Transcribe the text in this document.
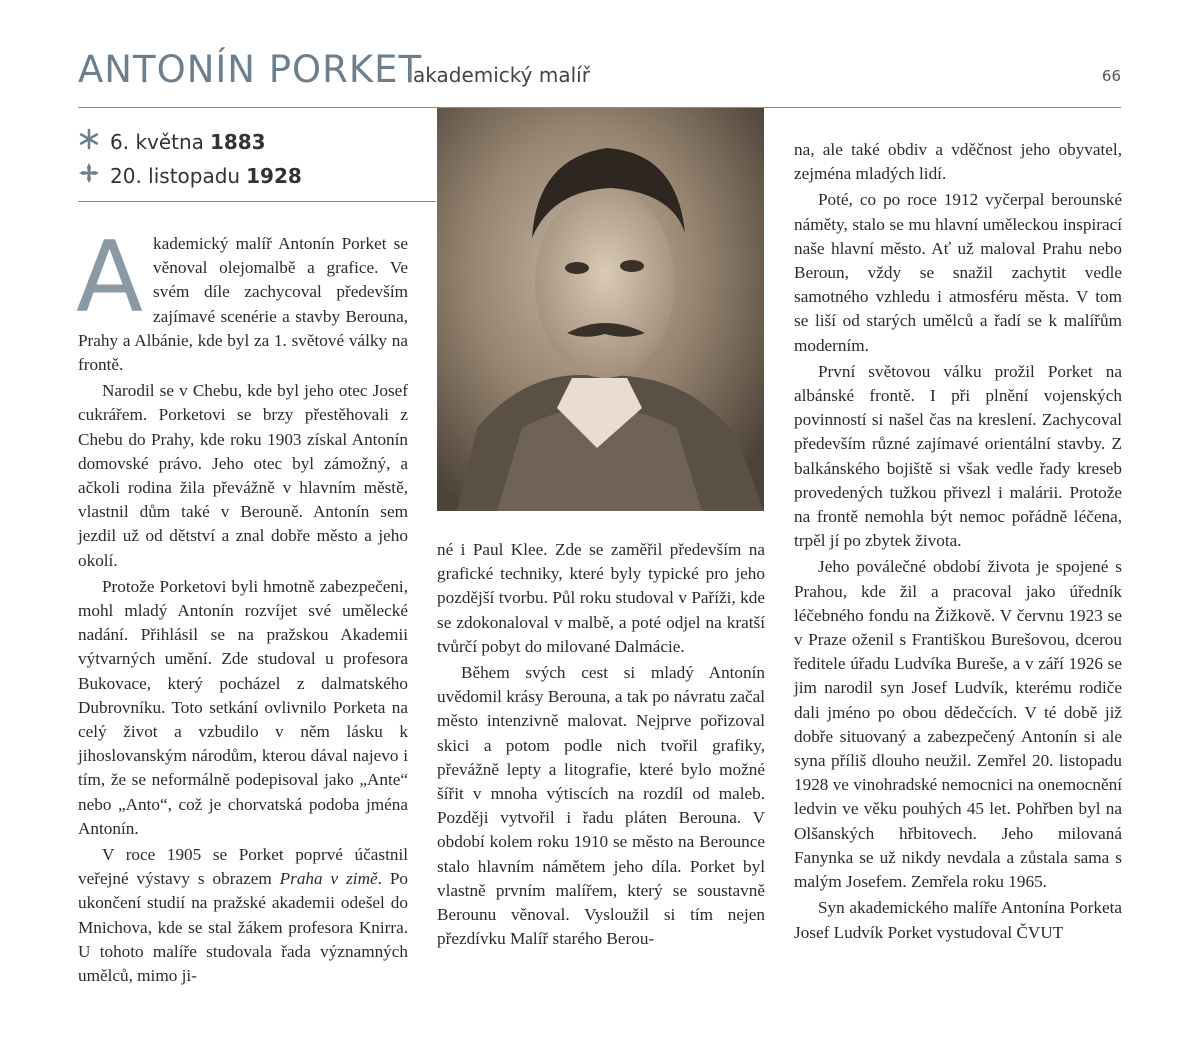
ANTONÍN PORKET
akademický malíř	66
6. května 1883
20. listopadu 1928

Akademický malíř Antonín Porket se věnoval olejomalbě a grafice. Ve svém díle zachycoval především zajímavé scenérie a stavby Berouna, Prahy a Albánie, kde byl za 1. světové války na frontě.

Narodil se v Chebu, kde byl jeho otec Josef cukrářem. Porketovi se brzy přestěhovali z Chebu do Prahy, kde roku 1903 získal Antonín domovské právo. Jeho otec byl zámožný, a ačkoli rodina žila převážně v hlavním městě, vlastnil dům také v Berouně. Antonín sem jezdil už od dětství a znal dobře město a jeho okolí.

Protože Porketovi byli hmotně zabezpečeni, mohl mladý Antonín rozvíjet své umělecké nadání. Přihlásil se na pražskou Akademii výtvarných umění. Zde studoval u profesora Bukovace, který pocházel z dalmatského Dubrovníku. Toto setkání ovlivnilo Porketa na celý život a vzbudilo v něm lásku k jihoslovanským národům, kterou dával najevo i tím, že se neformálně podepisoval jako „Ante“ nebo „Anto“, což je chorvatská podoba jména Antonín.

V roce 1905 se Porket poprvé účastnil veřejné výstavy s obrazem Praha v zimě. Po ukončení studií na pražské akademii odešel do Mnichova, kde se stal žákem profesora Knirra. U tohoto malíře studovala řada významných umělců, mimo ji-

né i Paul Klee. Zde se zaměřil především na grafické techniky, které byly typické pro jeho pozdější tvorbu. Půl roku studoval v Paříži, kde se zdokonaloval v malbě, a poté odjel na kratší tvůrčí pobyt do milované Dalmácie.

Během svých cest si mladý Antonín uvědomil krásy Berouna, a tak po návratu začal město intenzivně malovat. Nejprve pořizoval skici a potom podle nich tvořil grafiky, převážně lepty a litografie, které bylo možné šířit v mnoha výtiscích na rozdíl od maleb. Později vytvořil i řadu pláten Berouna. V období kolem roku 1910 se město na Berounce stalo hlavním námětem jeho díla. Porket byl vlastně prvním malířem, který se soustavně Berounu věnoval. Vysloužil si tím nejen přezdívku Malíř starého Berou-

na, ale také obdiv a vděčnost jeho obyvatel, zejména mladých lidí.

Poté, co po roce 1912 vyčerpal berounské náměty, stalo se mu hlavní uměleckou inspirací naše hlavní město. Ať už maloval Prahu nebo Beroun, vždy se snažil zachytit vedle samotného vzhledu i atmosféru města. V tom se liší od starých umělců a řadí se k malířům moderním.

První světovou válku prožil Porket na albánské frontě. I při plnění vojenských povinností si našel čas na kreslení. Zachycoval především různé zajímavé orientální stavby. Z balkánského bojiště si však vedle řady kreseb provedených tužkou přivezl i malárii. Protože na frontě nemohla být nemoc pořádně léčena, trpěl jí po zbytek života.

Jeho poválečné období života je spojené s Prahou, kde žil a pracoval jako úředník léčebného fondu na Žižkově. V červnu 1923 se v Praze oženil s Františkou Burešovou, dcerou ředitele úřadu Ludvíka Bureše, a v září 1926 se jim narodil syn Josef Ludvík, kterému rodiče dali jméno po obou dědečcích. V té době již dobře situovaný a zabezpečený Antonín si ale syna příliš dlouho neužil. Zemřel 20. listopadu 1928 ve vinohradské nemocnici na onemocnění ledvin ve věku pouhých 45 let. Pohřben byl na Olšanských hřbitovech. Jeho milovaná Fanynka se už nikdy nevdala a zůstala sama s malým Josefem. Zemřela roku 1965.

Syn akademického malíře Antonína Porketa Josef Ludvík Porket vystudoval ČVUT
